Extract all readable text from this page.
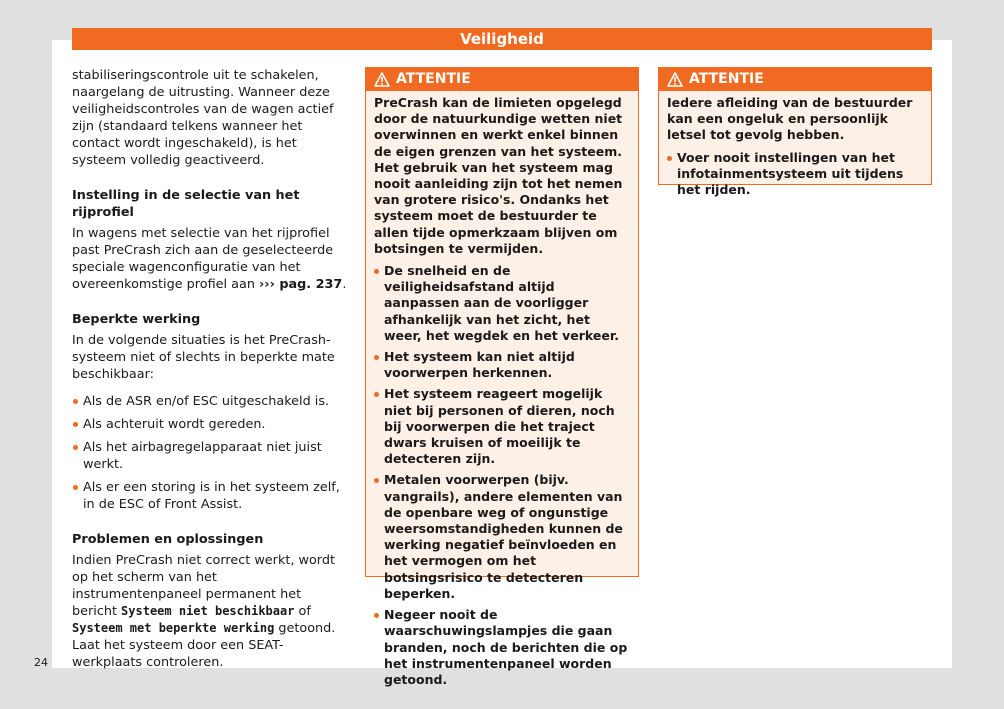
Veiligheid

stabiliseringscontrole uit te schakelen, naargelang de uitrusting. Wanneer deze veiligheidscontroles van de wagen actief zijn (standaard telkens wanneer het contact wordt ingeschakeld), is het systeem volledig geactiveerd.

Instelling in de selectie van het rijprofiel

In wagens met selectie van het rijprofiel past PreCrash zich aan de geselecteerde speciale wagenconfiguratie van het overeenkomstige profiel aan ››› pag. 237.

Beperkte werking

In de volgende situaties is het PreCrash-systeem niet of slechts in beperkte mate beschikbaar:

Als de ASR en/of ESC uitgeschakeld is.
Als achteruit wordt gereden.
Als het airbagregelapparaat niet juist werkt.
Als er een storing is in het systeem zelf, in de ESC of Front Assist.
Problemen en oplossingen

Indien PreCrash niet correct werkt, wordt op het scherm van het instrumentenpaneel permanent het bericht Systeem niet beschikbaar of Systeem met beperkte werking getoond. Laat het systeem door een SEAT-werkplaats controleren.

ATTENTIE

PreCrash kan de limieten opgelegd door de natuurkundige wetten niet overwinnen en werkt enkel binnen de eigen grenzen van het systeem. Het gebruik van het systeem mag nooit aanleiding zijn tot het nemen van grotere risico's. Ondanks het systeem moet de bestuurder te allen tijde opmerkzaam blijven om botsingen te vermijden.

De snelheid en de veiligheidsafstand altijd aanpassen aan de voorligger afhankelijk van het zicht, het weer, het wegdek en het verkeer.
Het systeem kan niet altijd voorwerpen herkennen.
Het systeem reageert mogelijk niet bij personen of dieren, noch bij voorwerpen die het traject dwars kruisen of moeilijk te detecteren zijn.
Metalen voorwerpen (bijv. vangrails), andere elementen van de openbare weg of ongunstige weersomstandigheden kunnen de werking negatief beïnvloeden en het vermogen om het botsingsrisico te detecteren beperken.
Negeer nooit de waarschuwingslampjes die gaan branden, noch de berichten die op het instrumentenpaneel worden getoond.
ATTENTIE

Iedere afleiding van de bestuurder kan een ongeluk en persoonlijk letsel tot gevolg hebben.

Voer nooit instellingen van het infotainmentsysteem uit tijdens het rijden.
24
